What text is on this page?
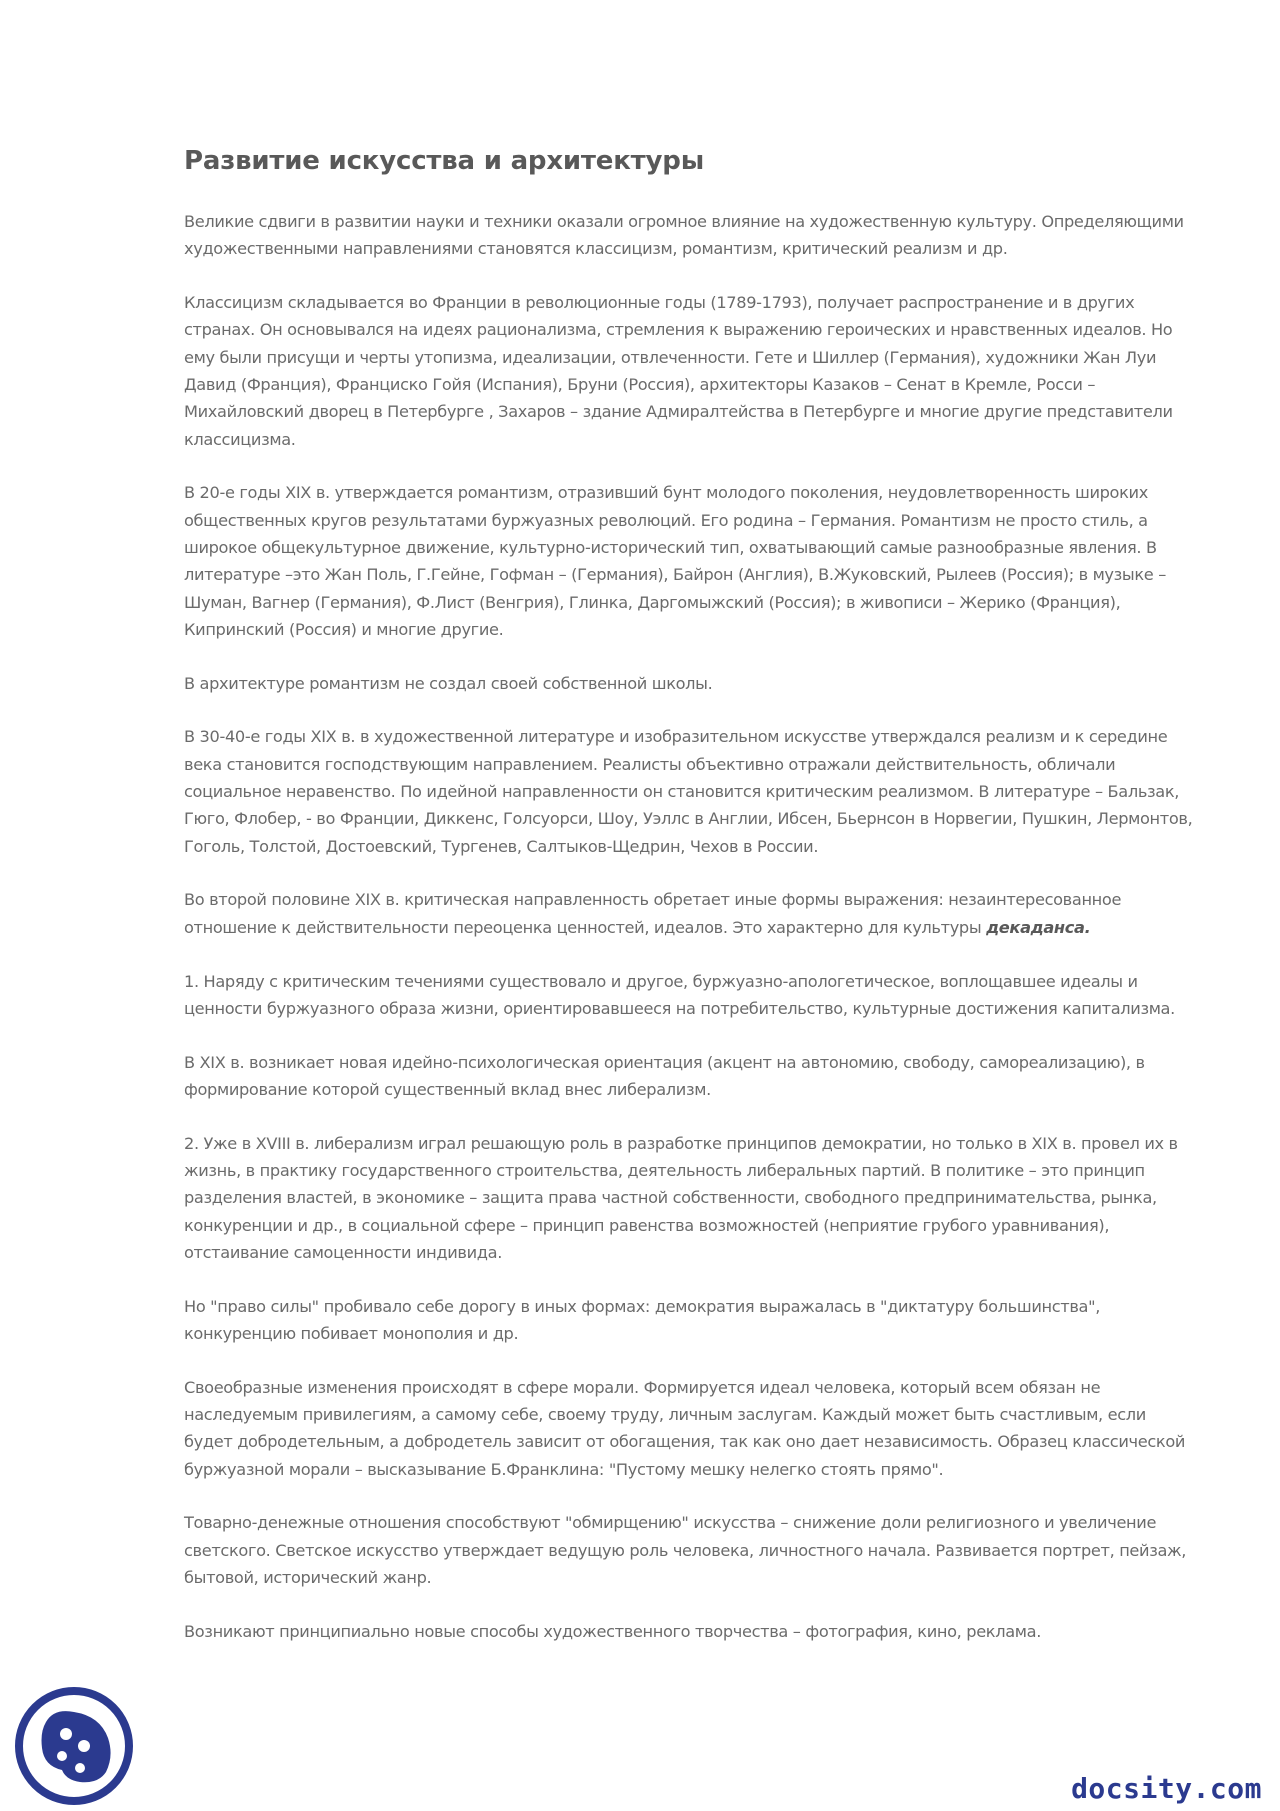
Развитие искусства и архитектуры

Великие сдвиги в развитии науки и техники оказали огромное влияние на художественную культуру. Определяющими художественными направлениями становятся классицизм, романтизм, критический реализм и др.

Классицизм складывается во Франции в революционные годы (1789-1793), получает распространение и в других странах. Он основывался на идеях рационализма, стремления к выражению героических и нравственных идеалов. Но ему были присущи и черты утопизма, идеализации, отвлеченности. Гете и Шиллер (Германия), художники Жан Луи Давид (Франция), Франциско Гойя (Испания), Бруни (Россия), архитекторы Казаков – Сенат в Кремле, Росси – Михайловский дворец в Петербурге , Захаров – здание Адмиралтейства в Петербурге и многие другие представители классицизма.

В 20-е годы XIX в. утверждается романтизм, отразивший бунт молодого поколения, неудовлетворенность широких общественных кругов результатами буржуазных революций. Его родина – Германия. Романтизм не просто стиль, а широкое общекультурное движение, культурно-исторический тип, охватывающий самые разнообразные явления. В литературе –это Жан Поль, Г.Гейне, Гофман – (Германия), Байрон (Англия), В.Жуковский, Рылеев (Россия); в музыке – Шуман, Вагнер (Германия), Ф.Лист (Венгрия), Глинка, Даргомыжский (Россия); в живописи – Жерико (Франция), Кипринский (Россия) и многие другие.

В архитектуре романтизм не создал своей собственной школы.

В 30-40-е годы XIX в. в художественной литературе и изобразительном искусстве утверждался реализм и к середине века становится господствующим направлением. Реалисты объективно отражали действительность, обличали социальное неравенство. По идейной направленности он становится критическим реализмом. В литературе – Бальзак, Гюго, Флобер, - во Франции, Диккенс, Голсуорси, Шоу, Уэллс в Англии, Ибсен, Бьернсон в Норвегии, Пушкин, Лермонтов, Гоголь, Толстой, Достоевский, Тургенев, Салтыков-Щедрин, Чехов в России.

Во второй половине XIX в. критическая направленность обретает иные формы выражения: незаинтересованное отношение к действительности переоценка ценностей, идеалов. Это характерно для культуры декаданса.

1. Наряду с критическим течениями существовало и другое, буржуазно-апологетическое, воплощавшее идеалы и ценности буржуазного образа жизни, ориентировавшееся на потребительство, культурные достижения капитализма.

В XIX в. возникает новая идейно-психологическая ориентация (акцент на автономию, свободу, самореализацию), в формирование которой существенный вклад внес либерализм.

2. Уже в XVIII в. либерализм играл решающую роль в разработке принципов демократии, но только в XIX в. провел их в жизнь, в практику государственного строительства, деятельность либеральных партий. В политике – это принцип разделения властей, в экономике – защита права частной собственности, свободного предпринимательства, рынка, конкуренции и др., в социальной сфере – принцип равенства возможностей (неприятие грубого уравнивания), отстаивание самоценности индивида.

Но "право силы" пробивало себе дорогу в иных формах: демократия выражалась в "диктатуру большинства", конкуренцию побивает монополия и др.

Своеобразные изменения происходят в сфере морали. Формируется идеал человека, который всем обязан не наследуемым привилегиям, а самому себе, своему труду, личным заслугам. Каждый может быть счастливым, если будет добродетельным, а добродетель зависит от обогащения, так как оно дает независимость. Образец классической буржуазной морали – высказывание Б.Франклина: "Пустому мешку нелегко стоять прямо".

Товарно-денежные отношения способствуют "обмирщению" искусства – снижение доли религиозного и увеличение светского. Светское искусство утверждает ведущую роль человека, личностного начала. Развивается портрет, пейзаж, бытовой, исторический жанр.

Возникают принципиально новые способы художественного творчества – фотография, кино, реклама.

docsity.com
